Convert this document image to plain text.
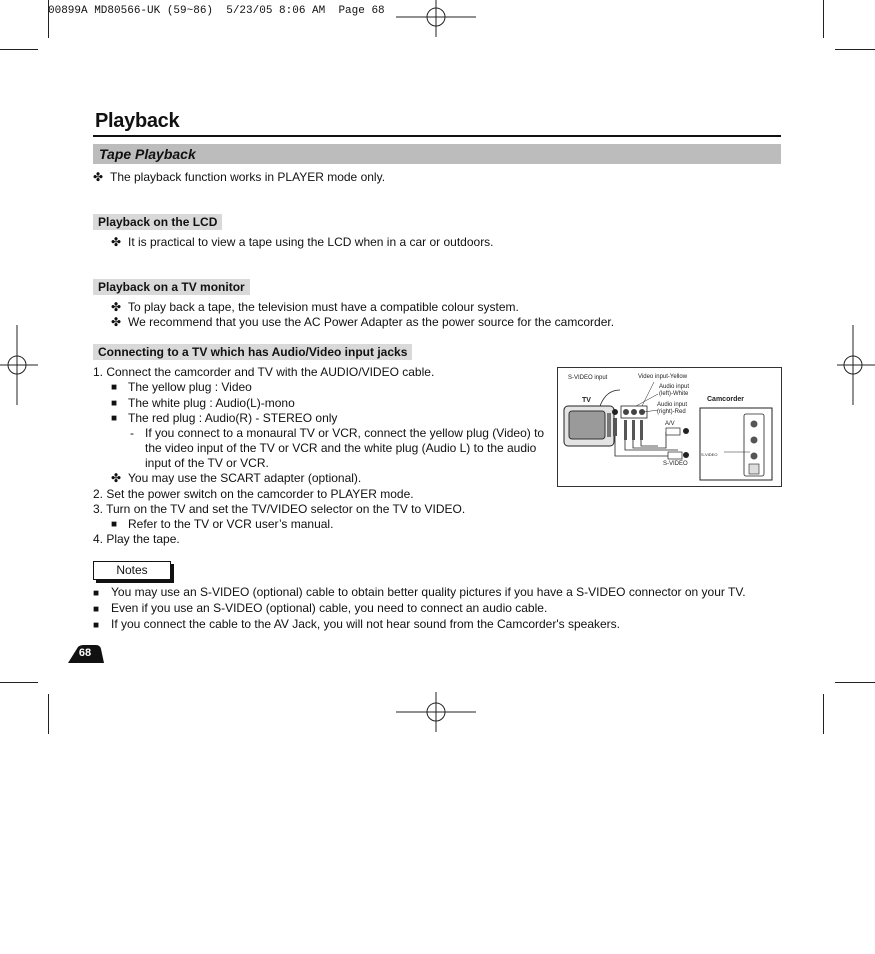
00899A MD80566-UK (59~86)  5/23/05 8:06 AM  Page 68
Playback
Tape Playback
✤ The playback function works in PLAYER mode only.
Playback on the LCD
✤ It is practical to view a tape using the LCD when in a car or outdoors.
Playback on a TV monitor
✤ To play back a tape, the television must have a compatible colour system.
✤ We recommend that you use the AC Power Adapter as the power source for the camcorder.
Connecting to a TV which has Audio/Video input jacks
1. Connect the camcorder and TV with the AUDIO/VIDEO cable.
■ The yellow plug : Video
■ The white plug : Audio(L)-mono
■ The red plug : Audio(R) - STEREO only
- If you connect to a monaural TV or VCR, connect the yellow plug (Video) to the video input of the TV or VCR and the white plug (Audio L) to the audio input of the TV or VCR.
✤ You may use the SCART adapter (optional).
2. Set the power switch on the camcorder to PLAYER mode.
3. Turn on the TV and set the TV/VIDEO selector on the TV to VIDEO.
■ Refer to the TV or VCR user’s manual.
4. Play the tape.
S-VIDEO input	Video input-Yellow
Audio input
(left)-White
Audio input
(right)-Red
TV	Camcorder
A/V
S-VIDEO
S-VIDEO
Notes
■ You may use an S-VIDEO (optional) cable to obtain better quality pictures if you have a S-VIDEO connector on your TV.
■ Even if you use an S-VIDEO (optional) cable, you need to connect an audio cable.
■ If you connect the cable to the AV Jack, you will not hear sound from the Camcorder's speakers.
68
